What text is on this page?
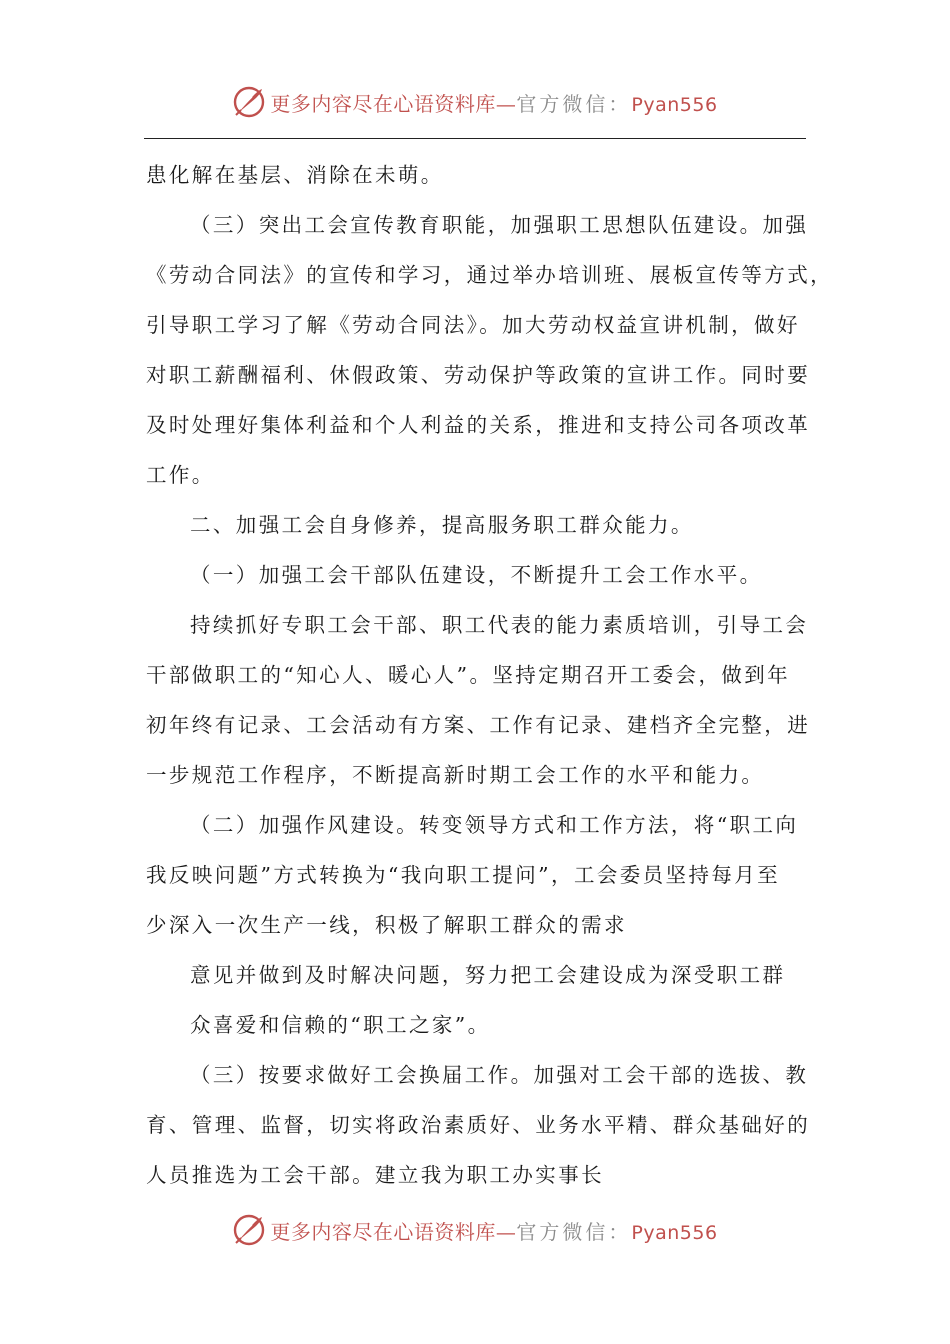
更多内容尽在心语资料库—官方微信：Pyan556
患化解在基层、消除在未萌。
（三）突出工会宣传教育职能，加强职工思想队伍建设。加强
《劳动合同法》的宣传和学习，通过举办培训班、展板宣传等方式，
引导职工学习了解《劳动合同法》。加大劳动权益宣讲机制，做好
对职工薪酬福利、休假政策、劳动保护等政策的宣讲工作。同时要
及时处理好集体利益和个人利益的关系，推进和支持公司各项改革
工作。
二、加强工会自身修养，提高服务职工群众能力。
（一）加强工会干部队伍建设，不断提升工会工作水平。
持续抓好专职工会干部、职工代表的能力素质培训，引导工会
干部做职工的“知心人、暖心人”。坚持定期召开工委会，做到年
初年终有记录、工会活动有方案、工作有记录、建档齐全完整，进
一步规范工作程序，不断提高新时期工会工作的水平和能力。
（二）加强作风建设。转变领导方式和工作方法，将“职工向
我反映问题”方式转换为“我向职工提问”，工会委员坚持每月至
少深入一次生产一线，积极了解职工群众的需求
意见并做到及时解决问题，努力把工会建设成为深受职工群
众喜爱和信赖的“职工之家”。
（三）按要求做好工会换届工作。加强对工会干部的选拔、教
育、管理、监督，切实将政治素质好、业务水平精、群众基础好的
人员推选为工会干部。建立我为职工办实事长
更多内容尽在心语资料库—官方微信：Pyan556
